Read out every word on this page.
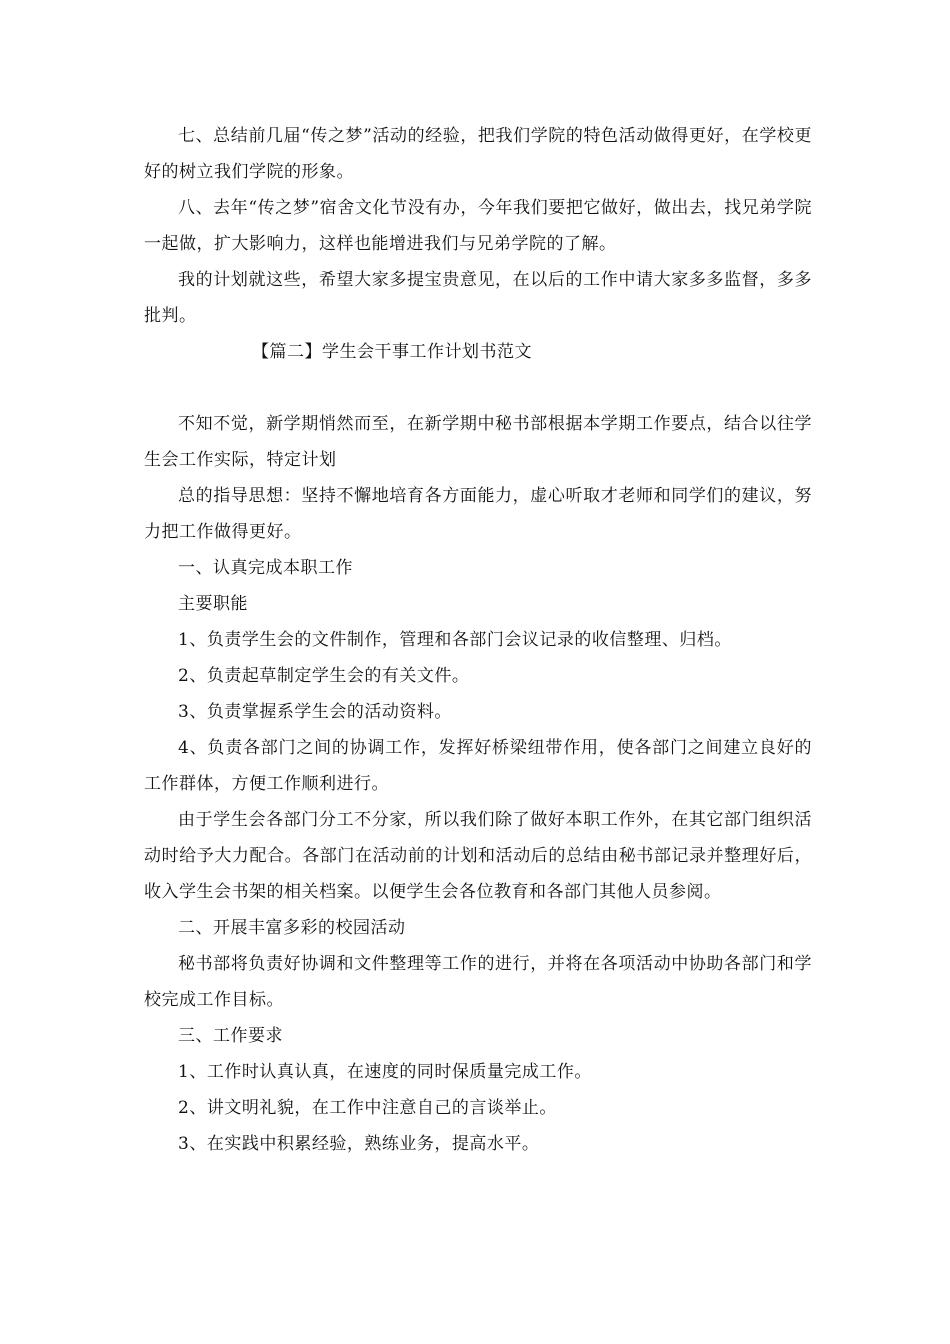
七、总结前几届“传之梦”活动的经验，把我们学院的特色活动做得更好，在学校更好的树立我们学院的形象。

八、去年“传之梦”宿舍文化节没有办，今年我们要把它做好，做出去，找兄弟学院一起做，扩大影响力，这样也能增进我们与兄弟学院的了解。

我的计划就这些，希望大家多提宝贵意见，在以后的工作中请大家多多监督，多多批判。

【篇二】学生会干事工作计划书范文

不知不觉，新学期悄然而至，在新学期中秘书部根据本学期工作要点，结合以往学生会工作实际，特定计划

总的指导思想：坚持不懈地培育各方面能力，虚心听取才老师和同学们的建议，努力把工作做得更好。

一、认真完成本职工作

主要职能

1、负责学生会的文件制作，管理和各部门会议记录的收信整理、归档。

2、负责起草制定学生会的有关文件。

3、负责掌握系学生会的活动资料。

4、负责各部门之间的协调工作，发挥好桥梁纽带作用，使各部门之间建立良好的工作群体，方便工作顺利进行。

由于学生会各部门分工不分家，所以我们除了做好本职工作外，在其它部门组织活动时给予大力配合。各部门在活动前的计划和活动后的总结由秘书部记录并整理好后，收入学生会书架的相关档案。以便学生会各位教育和各部门其他人员参阅。

二、开展丰富多彩的校园活动

秘书部将负责好协调和文件整理等工作的进行，并将在各项活动中协助各部门和学校完成工作目标。

三、工作要求

1、工作时认真认真，在速度的同时保质量完成工作。

2、讲文明礼貌，在工作中注意自己的言谈举止。

3、在实践中积累经验，熟练业务，提高水平。
